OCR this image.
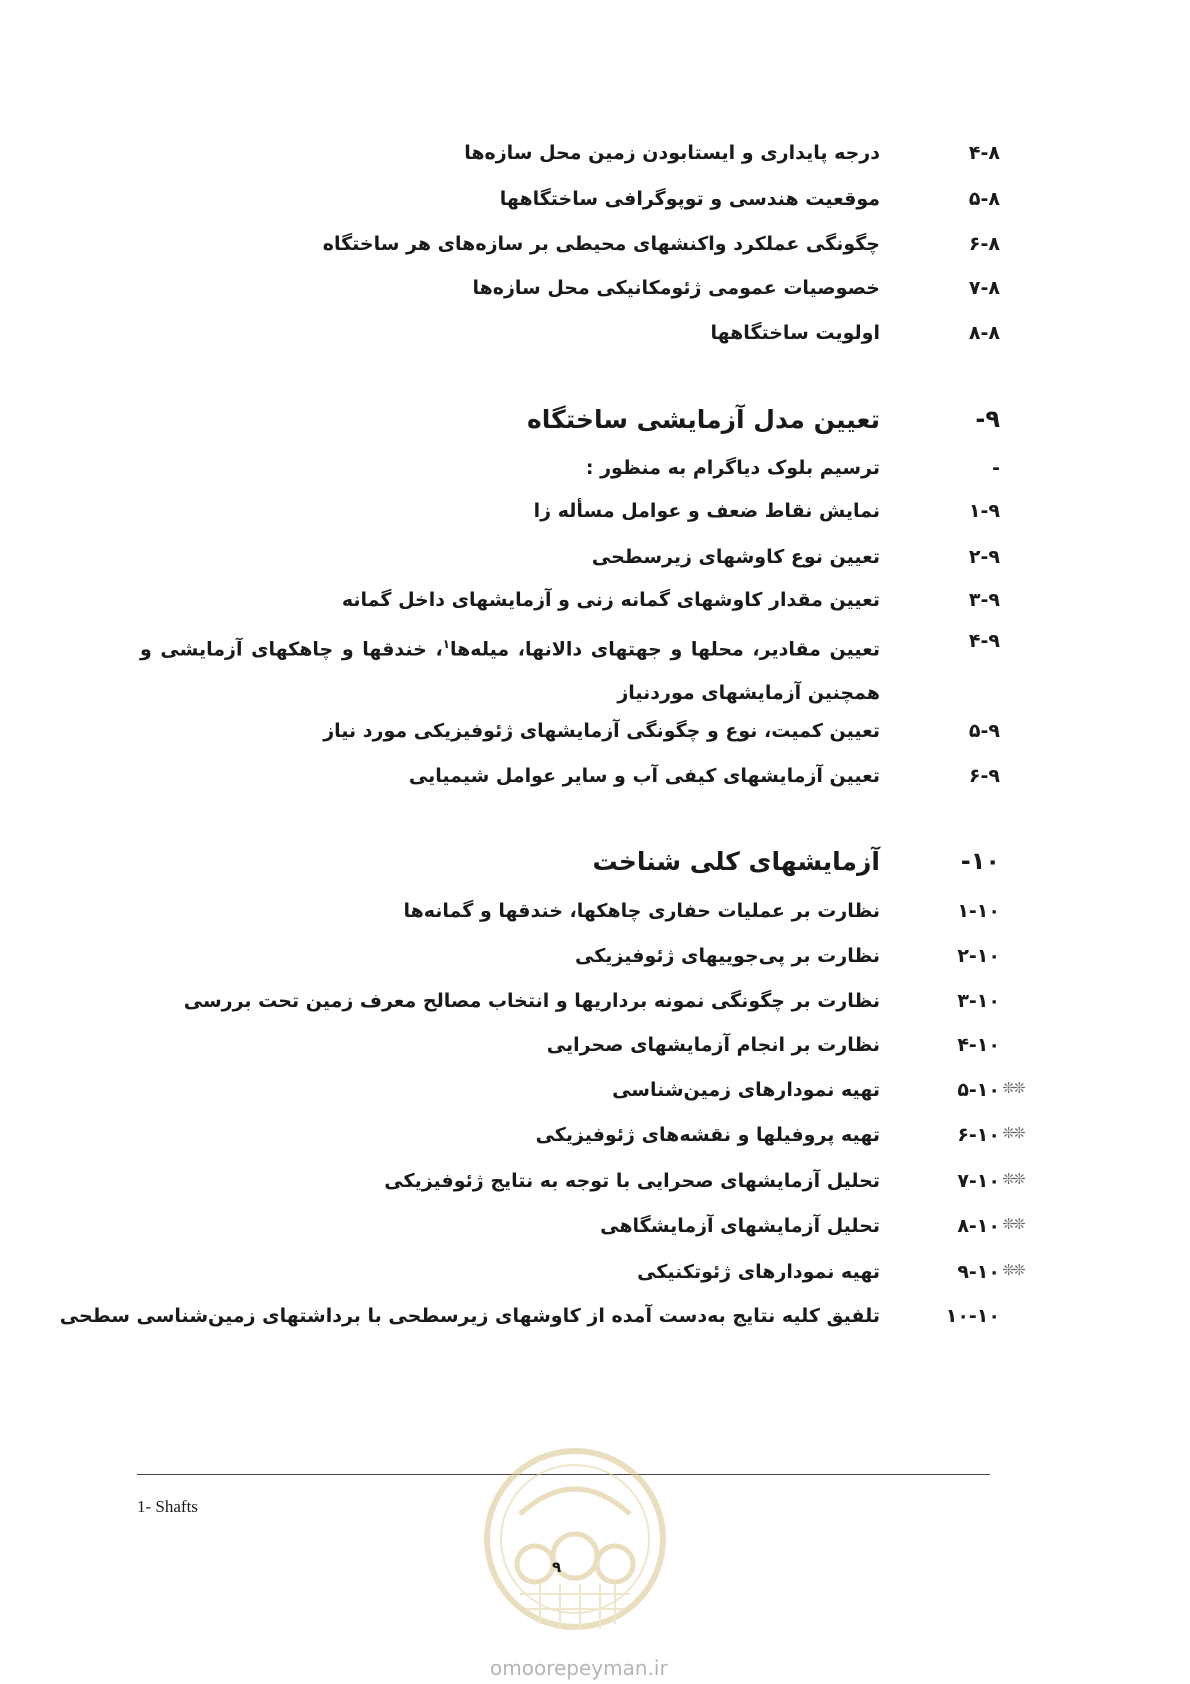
۴-۸
درجه پایداری و ایستابودن زمین محل سازه‌ها
۵-۸
موقعیت هندسی و توپوگرافی ساختگاهها
۶-۸
چگونگی عملکرد واکنشهای محیطی بر سازه‌های هر ساختگاه
۷-۸
خصوصیات عمومی ژئومکانیکی محل سازه‌ها
۸-۸
اولویت ساختگاهها
-۹
تعیین مدل آزمایشی ساختگاه
-
ترسیم بلوک دیاگرام به منظور :
۱-۹
نمایش نقاط ضعف و عوامل مسأله زا
۲-۹
تعیین نوع کاوشهای زیرسطحی
۳-۹
تعیین مقدار کاوشهای گمانه زنی و آزمایشهای داخل گمانه
۴-۹
تعیین مقادیر، محلها و جهتهای دالانها، میله‌ها$^۱$، خندقها و چاهکهای آزمایشی و همچنین آزمایشهای موردنیاز
۵-۹
تعیین کمیت، نوع و چگونگی آزمایشهای ژئوفیزیکی مورد نیاز
۶-۹
تعیین آزمایشهای کیفی آب و سایر عوامل شیمیایی
-۱۰
آزمایشهای کلی شناخت
۱-۱۰
نظارت بر عملیات حفاری چاهکها، خندقها و گمانه‌ها
۲-۱۰
نظارت بر پی‌جوییهای ژئوفیزیکی
۳-۱۰
نظارت بر چگونگی نمونه برداریها و انتخاب مصالح معرف زمین تحت بررسی
۴-۱۰
نظارت بر انجام آزمایشهای صحرایی
❊❊
۵-۱۰
تهیه نمودارهای زمین‌شناسی
❊❊
۶-۱۰
تهیه پروفیلها و نقشه‌های ژئوفیزیکی
❊❊
۷-۱۰
تحلیل آزمایشهای صحرایی با توجه به نتایج ژئوفیزیکی
❊❊
۸-۱۰
تحلیل آزمایشهای آزمایشگاهی
❊❊
۹-۱۰
تهیه نمودارهای ژئوتکنیکی
۱۰-۱۰
تلفیق کلیه نتایج به‌دست آمده از کاوشهای زیرسطحی با برداشتهای زمین‌شناسی سطحی
1- Shafts
۹
omoorepeyman.ir
